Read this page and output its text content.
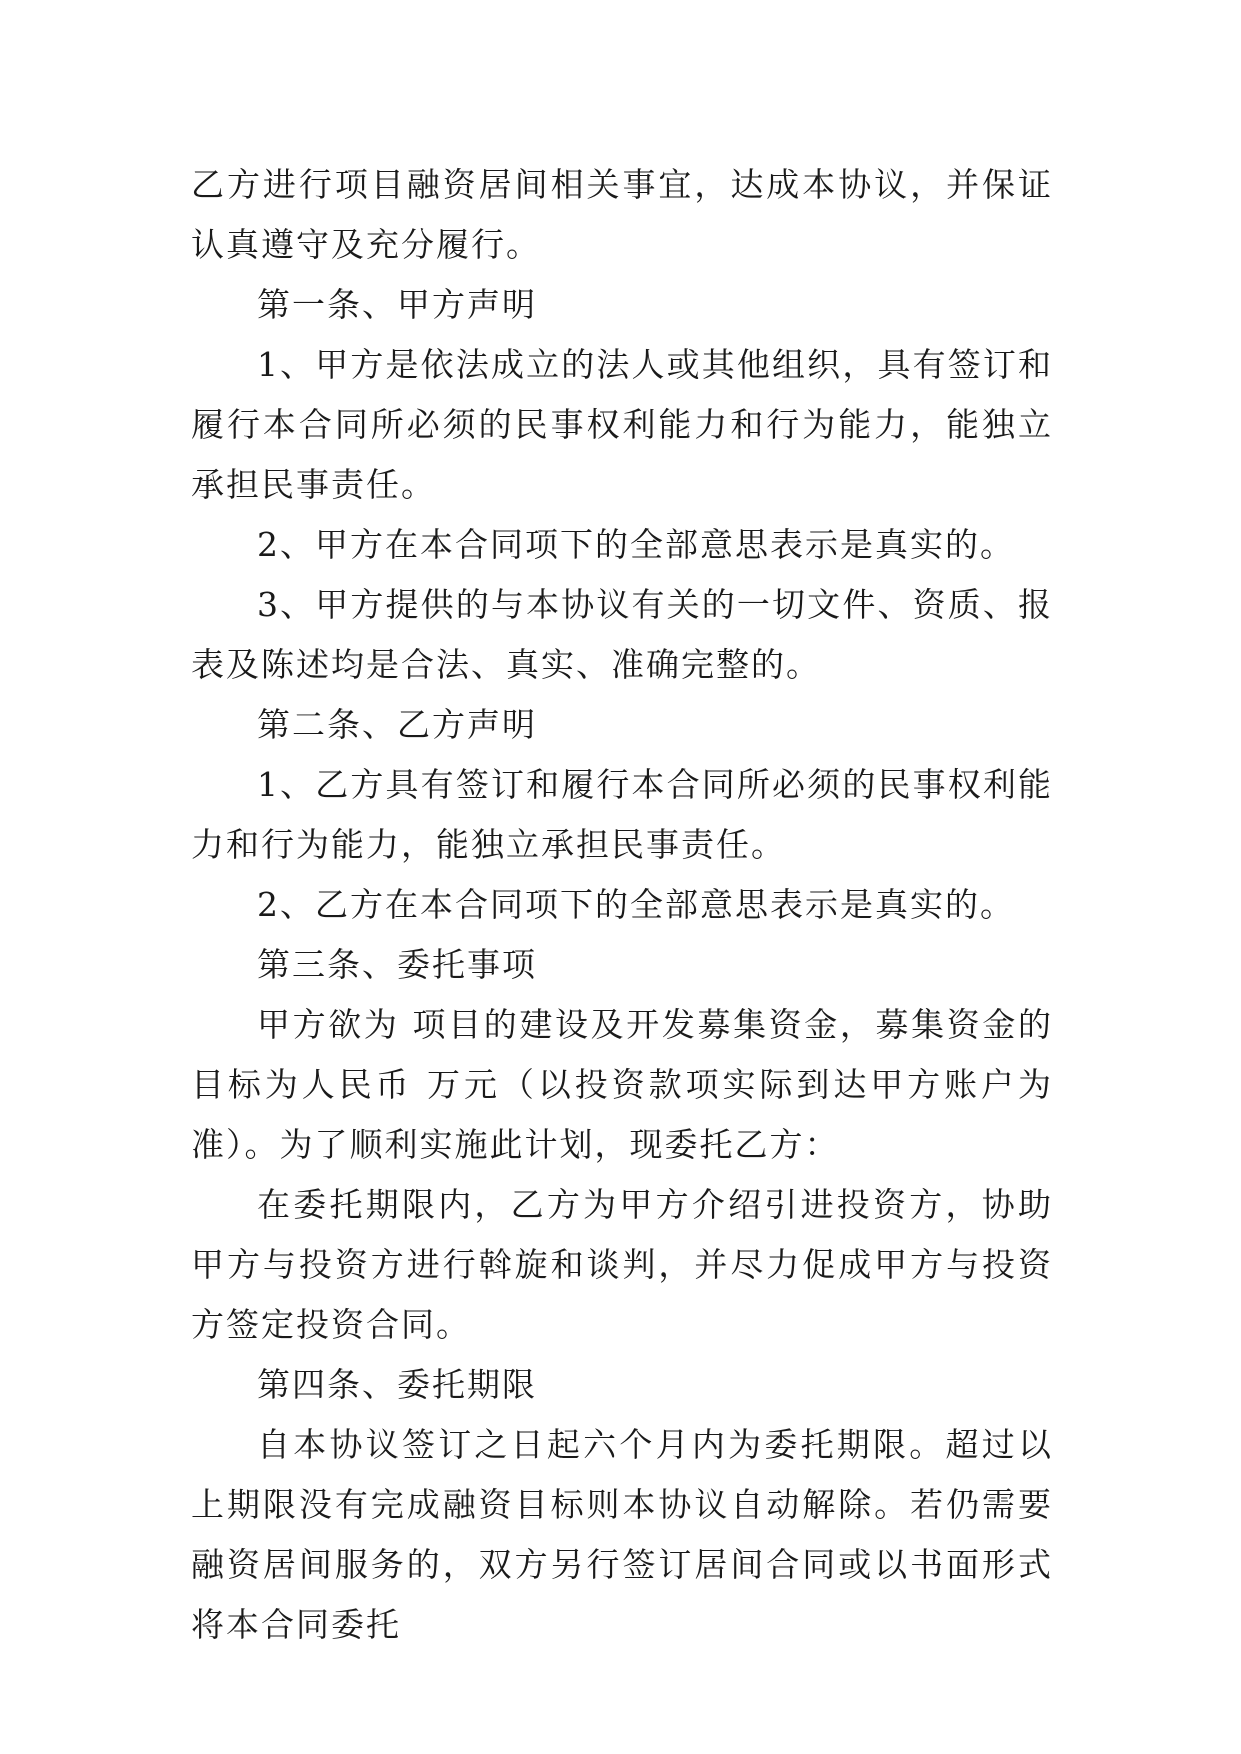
乙方进行项目融资居间相关事宜，达成本协议，并保证认真遵守及充分履行。

第一条、甲方声明

1、甲方是依法成立的法人或其他组织，具有签订和履行本合同所必须的民事权利能力和行为能力，能独立承担民事责任。

2、甲方在本合同项下的全部意思表示是真实的。

3、甲方提供的与本协议有关的一切文件、资质、报表及陈述均是合法、真实、准确完整的。

第二条、乙方声明

1、乙方具有签订和履行本合同所必须的民事权利能力和行为能力，能独立承担民事责任。

2、乙方在本合同项下的全部意思表示是真实的。

第三条、委托事项

甲方欲为 项目的建设及开发募集资金，募集资金的目标为人民币 万元（以投资款项实际到达甲方账户为准）。为了顺利实施此计划，现委托乙方：

在委托期限内，乙方为甲方介绍引进投资方，协助甲方与投资方进行斡旋和谈判，并尽力促成甲方与投资方签定投资合同。

第四条、委托期限

自本协议签订之日起六个月内为委托期限。超过以上期限没有完成融资目标则本协议自动解除。若仍需要融资居间服务的，双方另行签订居间合同或以书面形式将本合同委托
